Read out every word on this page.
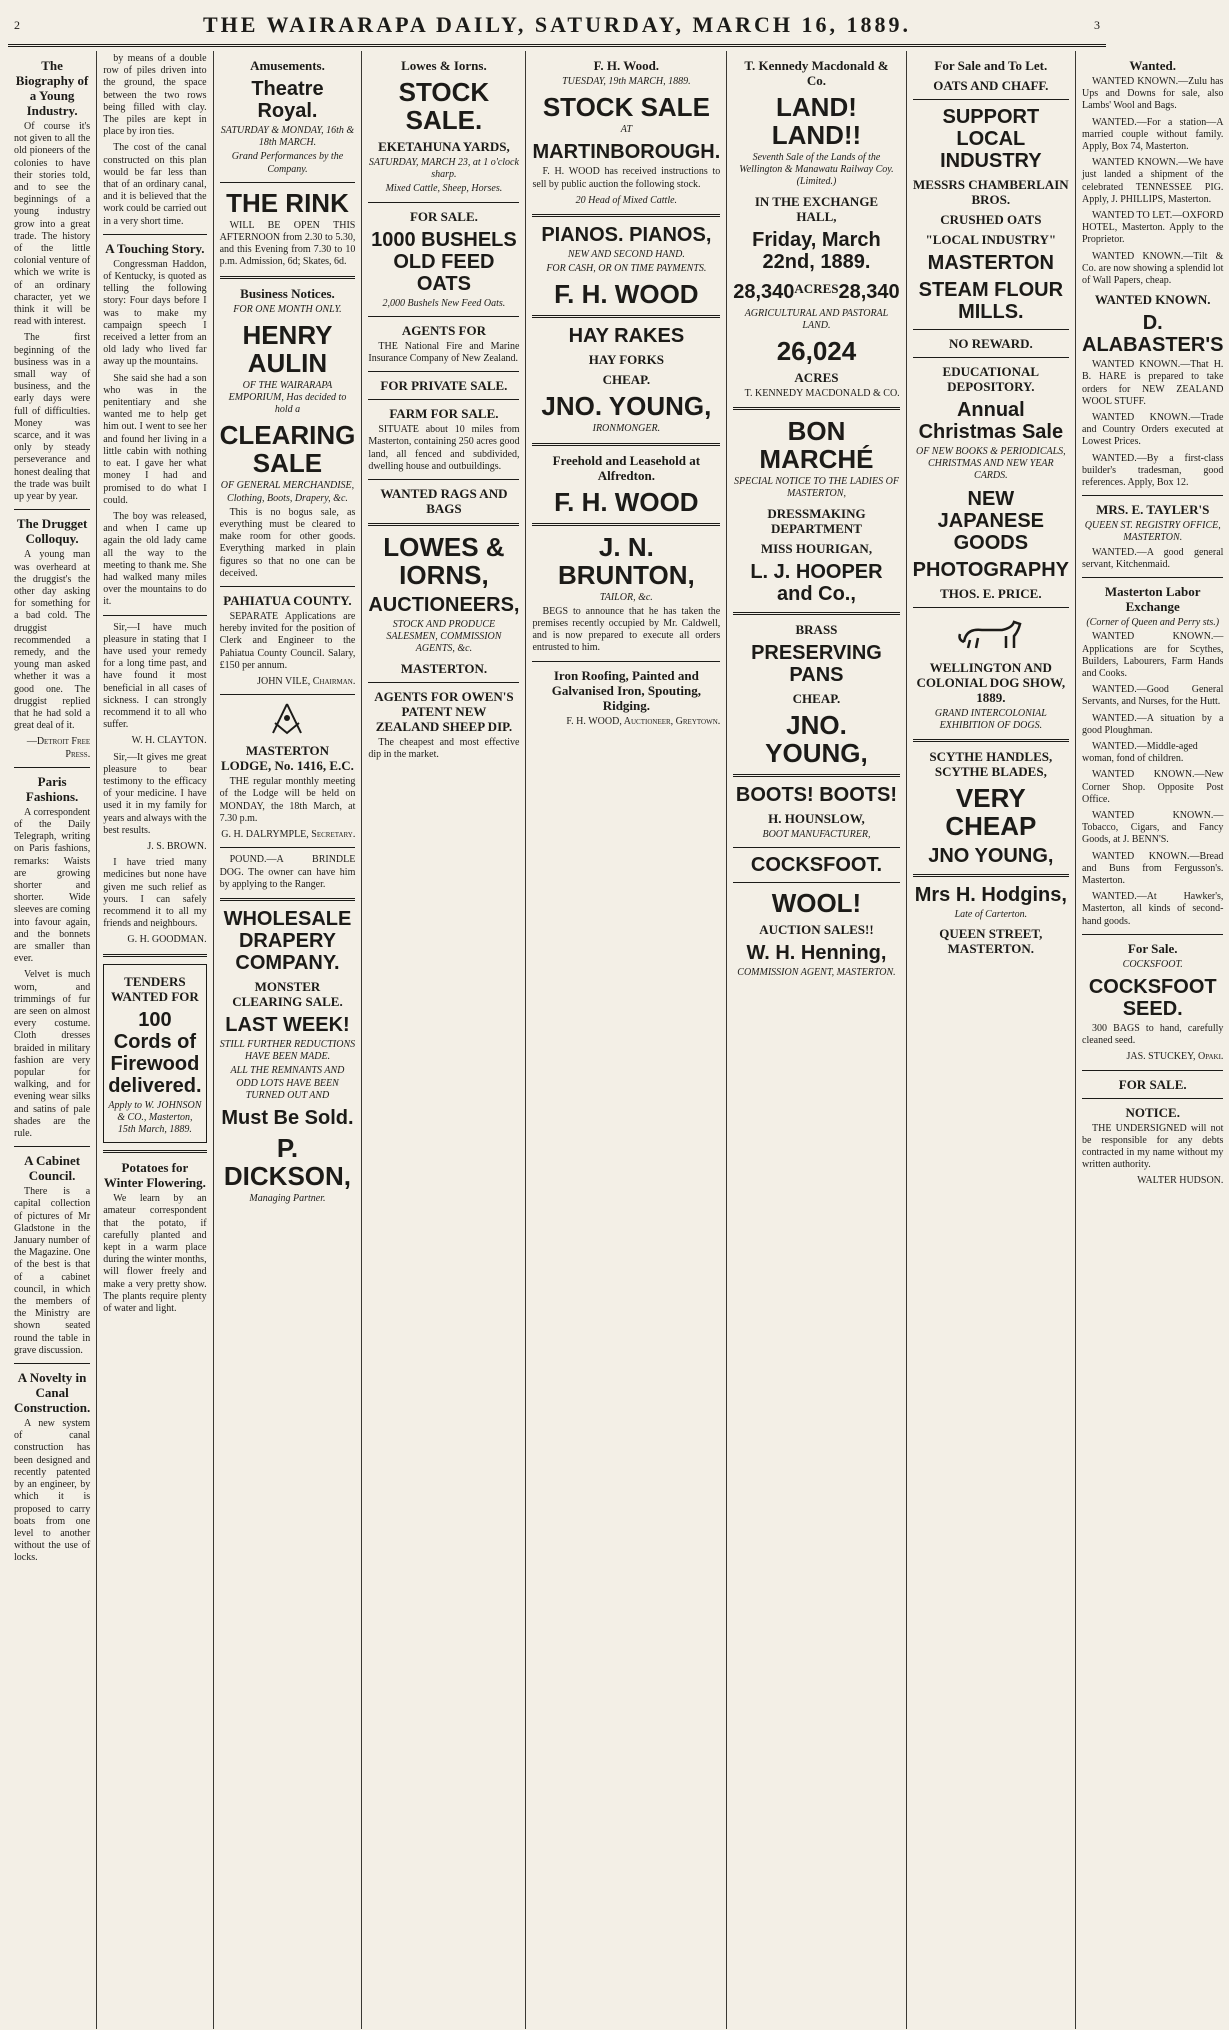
2	THE WAIRARAPA DAILY, SATURDAY, MARCH 16, 1889.	3
The Biography of a Young Industry.

Of course it's not given to all the old pioneers of the colonies to have their stories told, and to see the beginnings of a young industry grow into a great trade. The history of the little colonial venture of which we write is of an ordinary character, yet we think it will be read with interest.

The first beginning of the business was in a small way of business, and the early days were full of difficulties. Money was scarce, and it was only by steady perseverance and honest dealing that the trade was built up year by year.

The Drugget Colloquy.

A young man was overheard at the druggist's the other day asking for something for a bad cold. The druggist recommended a remedy, and the young man asked whether it was a good one. The druggist replied that he had sold a great deal of it.

—Detroit Free Press.
Paris Fashions.

A correspondent of the Daily Telegraph, writing on Paris fashions, remarks: Waists are growing shorter and shorter. Wide sleeves are coming into favour again, and the bonnets are smaller than ever.

Velvet is much worn, and trimmings of fur are seen on almost every costume. Cloth dresses braided in military fashion are very popular for walking, and for evening wear silks and satins of pale shades are the rule.

A Cabinet Council.

There is a capital collection of pictures of Mr Gladstone in the January number of the Magazine. One of the best is that of a cabinet council, in which the members of the Ministry are shown seated round the table in grave discussion.

A Novelty in Canal Construction.

A new system of canal construction has been designed and recently patented by an engineer, by which it is proposed to carry boats from one level to another without the use of locks.

by means of a double row of piles driven into the ground, the space between the two rows being filled with clay. The piles are kept in place by iron ties.

The cost of the canal constructed on this plan would be far less than that of an ordinary canal, and it is believed that the work could be carried out in a very short time.

A Touching Story.

Congressman Haddon, of Kentucky, is quoted as telling the following story: Four days before I was to make my campaign speech I received a letter from an old lady who lived far away up the mountains.

She said she had a son who was in the penitentiary and she wanted me to help get him out. I went to see her and found her living in a little cabin with nothing to eat. I gave her what money I had and promised to do what I could.

The boy was released, and when I came up again the old lady came all the way to the meeting to thank me. She had walked many miles over the mountains to do it.

Sir,—I have much pleasure in stating that I have used your remedy for a long time past, and have found it most beneficial in all cases of sickness. I can strongly recommend it to all who suffer.

W. H. CLAYTON.

Sir,—It gives me great pleasure to bear testimony to the efficacy of your medicine. I have used it in my family for years and always with the best results.

J. S. BROWN.

I have tried many medicines but none have given me such relief as yours. I can safely recommend it to all my friends and neighbours.

G. H. GOODMAN.
TENDERS WANTED FOR
100 Cords of Firewood delivered.
Apply to W. JOHNSON & CO., Masterton, 15th March, 1889.
Potatoes for Winter Flowering.

We learn by an amateur correspondent that the potato, if carefully planted and kept in a warm place during the winter months, will flower freely and make a very pretty show. The plants require plenty of water and light.

Amusements.
Theatre Royal.
SATURDAY & MONDAY, 16th & 18th MARCH.
Grand Performances by the Company.
THE RINK

WILL BE OPEN THIS AFTERNOON from 2.30 to 5.30, and this Evening from 7.30 to 10 p.m. Admission, 6d; Skates, 6d.

Business Notices.
FOR ONE MONTH ONLY.
HENRY AULIN
OF THE WAIRARAPA EMPORIUM, Has decided to hold a
CLEARING SALE
OF GENERAL MERCHANDISE, Clothing, Boots, Drapery, &c.

This is no bogus sale, as everything must be cleared to make room for other goods. Everything marked in plain figures so that no one can be deceived.

PAHIATUA COUNTY.

SEPARATE Applications are hereby invited for the position of Clerk and Engineer to the Pahiatua County Council. Salary, £150 per annum.

JOHN VILE, Chairman.
MASTERTON LODGE, No. 1416, E.C.

THE regular monthly meeting of the Lodge will be held on MONDAY, the 18th March, at 7.30 p.m.

G. H. DALRYMPLE, Secretary.

POUND.—A BRINDLE DOG. The owner can have him by applying to the Ranger.

WHOLESALE DRAPERY COMPANY.
MONSTER CLEARING SALE.
LAST WEEK!
STILL FURTHER REDUCTIONS HAVE BEEN MADE.
ALL THE REMNANTS AND ODD LOTS HAVE BEEN TURNED OUT AND
Must Be Sold.
P. DICKSON,
Managing Partner.
Lowes & Iorns.
STOCK SALE.
EKETAHUNA YARDS,
SATURDAY, MARCH 23, at 1 o'clock sharp.
Mixed Cattle, Sheep, Horses.
FOR SALE.
1000 BUSHELS OLD FEED OATS
2,000 Bushels New Feed Oats.
AGENTS FOR

THE National Fire and Marine Insurance Company of New Zealand.

FOR PRIVATE SALE.
FARM FOR SALE.

SITUATE about 10 miles from Masterton, containing 250 acres good land, all fenced and subdivided, dwelling house and outbuildings.

WANTED RAGS AND BAGS
LOWES & IORNS,
AUCTIONEERS,
STOCK AND PRODUCE SALESMEN, COMMISSION AGENTS, &c.
MASTERTON.
AGENTS FOR OWEN'S PATENT NEW ZEALAND SHEEP DIP.

The cheapest and most effective dip in the market.

F. H. Wood.
TUESDAY, 19th MARCH, 1889.
STOCK SALE
AT
MARTINBOROUGH.

F. H. WOOD has received instructions to sell by public auction the following stock.

20 Head of Mixed Cattle.
PIANOS. PIANOS,
NEW AND SECOND HAND.
FOR CASH, OR ON TIME PAYMENTS.
F. H. WOOD
HAY RAKES
HAY FORKS
CHEAP.
JNO. YOUNG,
IRONMONGER.
Freehold and Leasehold at Alfredton.
F. H. WOOD
J. N. BRUNTON,
TAILOR, &c.

BEGS to announce that he has taken the premises recently occupied by Mr. Caldwell, and is now prepared to execute all orders entrusted to him.

Iron Roofing, Painted and Galvanised Iron, Spouting, Ridging.
F. H. WOOD, Auctioneer, Greytown.
T. Kennedy Macdonald & Co.
LAND! LAND!!
Seventh Sale of the Lands of the Wellington & Manawatu Railway Coy. (Limited.)
IN THE EXCHANGE HALL,
Friday, March 22nd, 1889.
28,340 ACRES 28,340
AGRICULTURAL AND PASTORAL LAND.
26,024
ACRES
T. KENNEDY MACDONALD & CO.
BON MARCHÉ
SPECIAL NOTICE TO THE LADIES OF MASTERTON,
DRESSMAKING DEPARTMENT
MISS HOURIGAN,
L. J. HOOPER and Co.,
BRASS
PRESERVING PANS
CHEAP.
JNO. YOUNG,
BOOTS! BOOTS!
H. HOUNSLOW,
BOOT MANUFACTURER,
COCKSFOOT.
WOOL!
AUCTION SALES!!
W. H. Henning,
COMMISSION AGENT, MASTERTON.
For Sale and To Let.
OATS AND CHAFF.
SUPPORT LOCAL INDUSTRY
MESSRS CHAMBERLAIN BROS.
CRUSHED OATS
"LOCAL INDUSTRY"
MASTERTON
STEAM FLOUR MILLS.
NO REWARD.
EDUCATIONAL DEPOSITORY.
Annual Christmas Sale
OF NEW BOOKS & PERIODICALS, CHRISTMAS AND NEW YEAR CARDS.
NEW JAPANESE GOODS
PHOTOGRAPHY
THOS. E. PRICE.
WELLINGTON AND COLONIAL DOG SHOW, 1889.
GRAND INTERCOLONIAL EXHIBITION OF DOGS.
SCYTHE HANDLES, SCYTHE BLADES,
VERY CHEAP
JNO YOUNG,
Mrs H. Hodgins,
Late of Carterton.
QUEEN STREET, MASTERTON.
Wanted.

WANTED KNOWN.—Zulu has Ups and Downs for sale, also Lambs' Wool and Bags.

WANTED.—For a station—A married couple without family. Apply, Box 74, Masterton.

WANTED KNOWN.—We have just landed a shipment of the celebrated TENNESSEE PIG. Apply, J. PHILLIPS, Masterton.

WANTED TO LET.—OXFORD HOTEL, Masterton. Apply to the Proprietor.

WANTED KNOWN.—Tilt & Co. are now showing a splendid lot of Wall Papers, cheap.

WANTED KNOWN.
D. ALABASTER'S

WANTED KNOWN.—That H. B. HARE is prepared to take orders for NEW ZEALAND WOOL STUFF.

WANTED KNOWN.—Trade and Country Orders executed at Lowest Prices.

WANTED.—By a first-class builder's tradesman, good references. Apply, Box 12.

MRS. E. TAYLER'S
QUEEN ST. REGISTRY OFFICE, MASTERTON.

WANTED.—A good general servant, Kitchenmaid.

Masterton Labor Exchange
(Corner of Queen and Perry sts.)

WANTED KNOWN.—Applications are for Scythes, Builders, Labourers, Farm Hands and Cooks.

WANTED.—Good General Servants, and Nurses, for the Hutt.

WANTED.—A situation by a good Ploughman.

WANTED.—Middle-aged woman, fond of children.

WANTED KNOWN.—New Corner Shop. Opposite Post Office.

WANTED KNOWN.—Tobacco, Cigars, and Fancy Goods, at J. BENN'S.

WANTED KNOWN.—Bread and Buns from Fergusson's. Masterton.

WANTED.—At Hawker's, Masterton, all kinds of second-hand goods.

For Sale.
COCKSFOOT.
COCKSFOOT SEED.

300 BAGS to hand, carefully cleaned seed.

JAS. STUCKEY, Opaki.
FOR SALE.
NOTICE.

THE UNDERSIGNED will not be responsible for any debts contracted in my name without my written authority.

WALTER HUDSON.
